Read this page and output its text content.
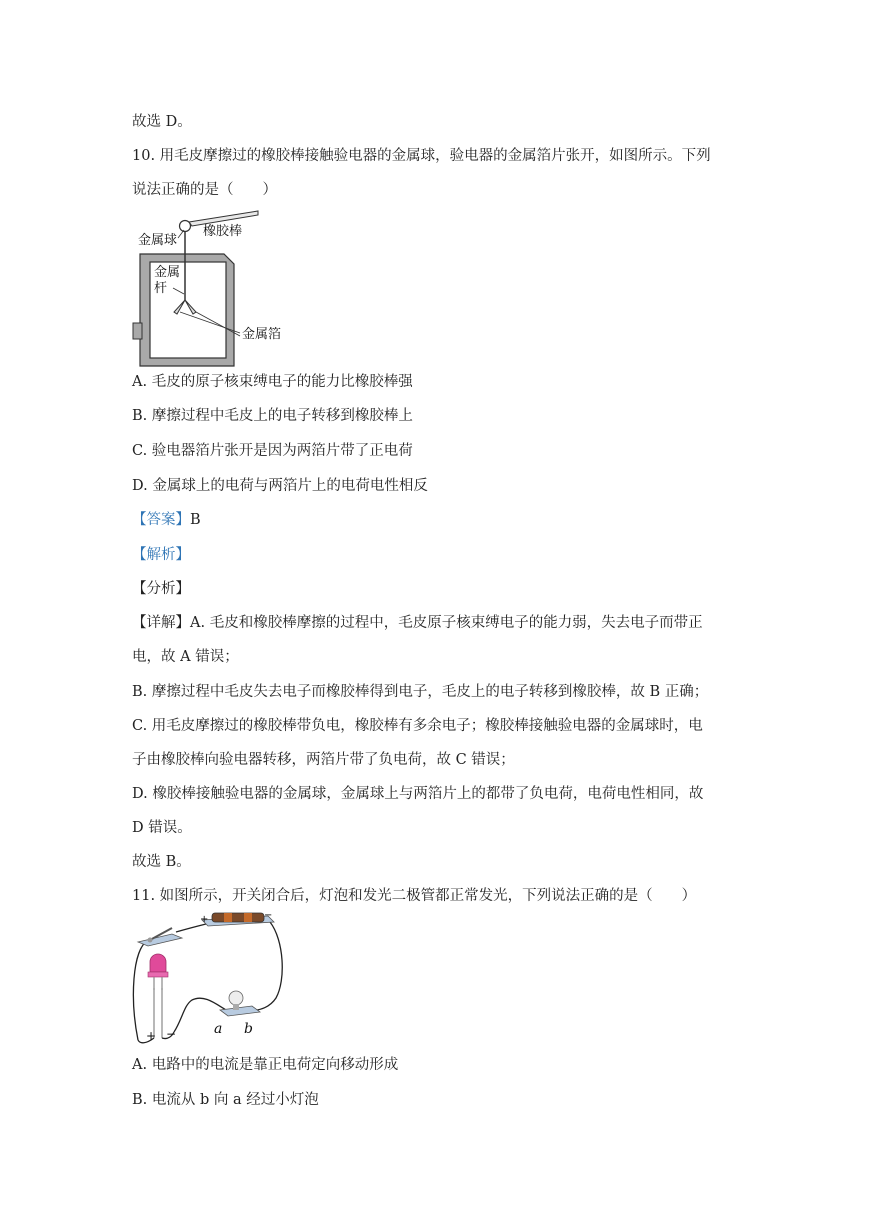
故选 D。
10. 用毛皮摩擦过的橡胶棒接触验电器的金属球，验电器的金属箔片张开，如图所示。下列
说法正确的是（　　）
金属球
橡胶棒
金属
杆
金属箔
A. 毛皮的原子核束缚电子的能力比橡胶棒强
B. 摩擦过程中毛皮上的电子转移到橡胶棒上
C. 验电器箔片张开是因为两箔片带了正电荷
D. 金属球上的电荷与两箔片上的电荷电性相反
【答案】B
【解析】
【分析】
【详解】A. 毛皮和橡胶棒摩擦的过程中，毛皮原子核束缚电子的能力弱，失去电子而带正
电，故 A 错误；
B. 摩擦过程中毛皮失去电子而橡胶棒得到电子，毛皮上的电子转移到橡胶棒，故 B 正确；
C. 用毛皮摩擦过的橡胶棒带负电，橡胶棒有多余电子；橡胶棒接触验电器的金属球时，电
子由橡胶棒向验电器转移，两箔片带了负电荷，故 C 错误；
D. 橡胶棒接触验电器的金属球，金属球上与两箔片上的都带了负电荷，电荷电性相同，故
D 错误。
故选 B。
11. 如图所示，开关闭合后，灯泡和发光二极管都正常发光，下列说法正确的是（　　）
+	−
+ −	a b
A. 电路中的电流是靠正电荷定向移动形成
B. 电流从 b 向 a 经过小灯泡
